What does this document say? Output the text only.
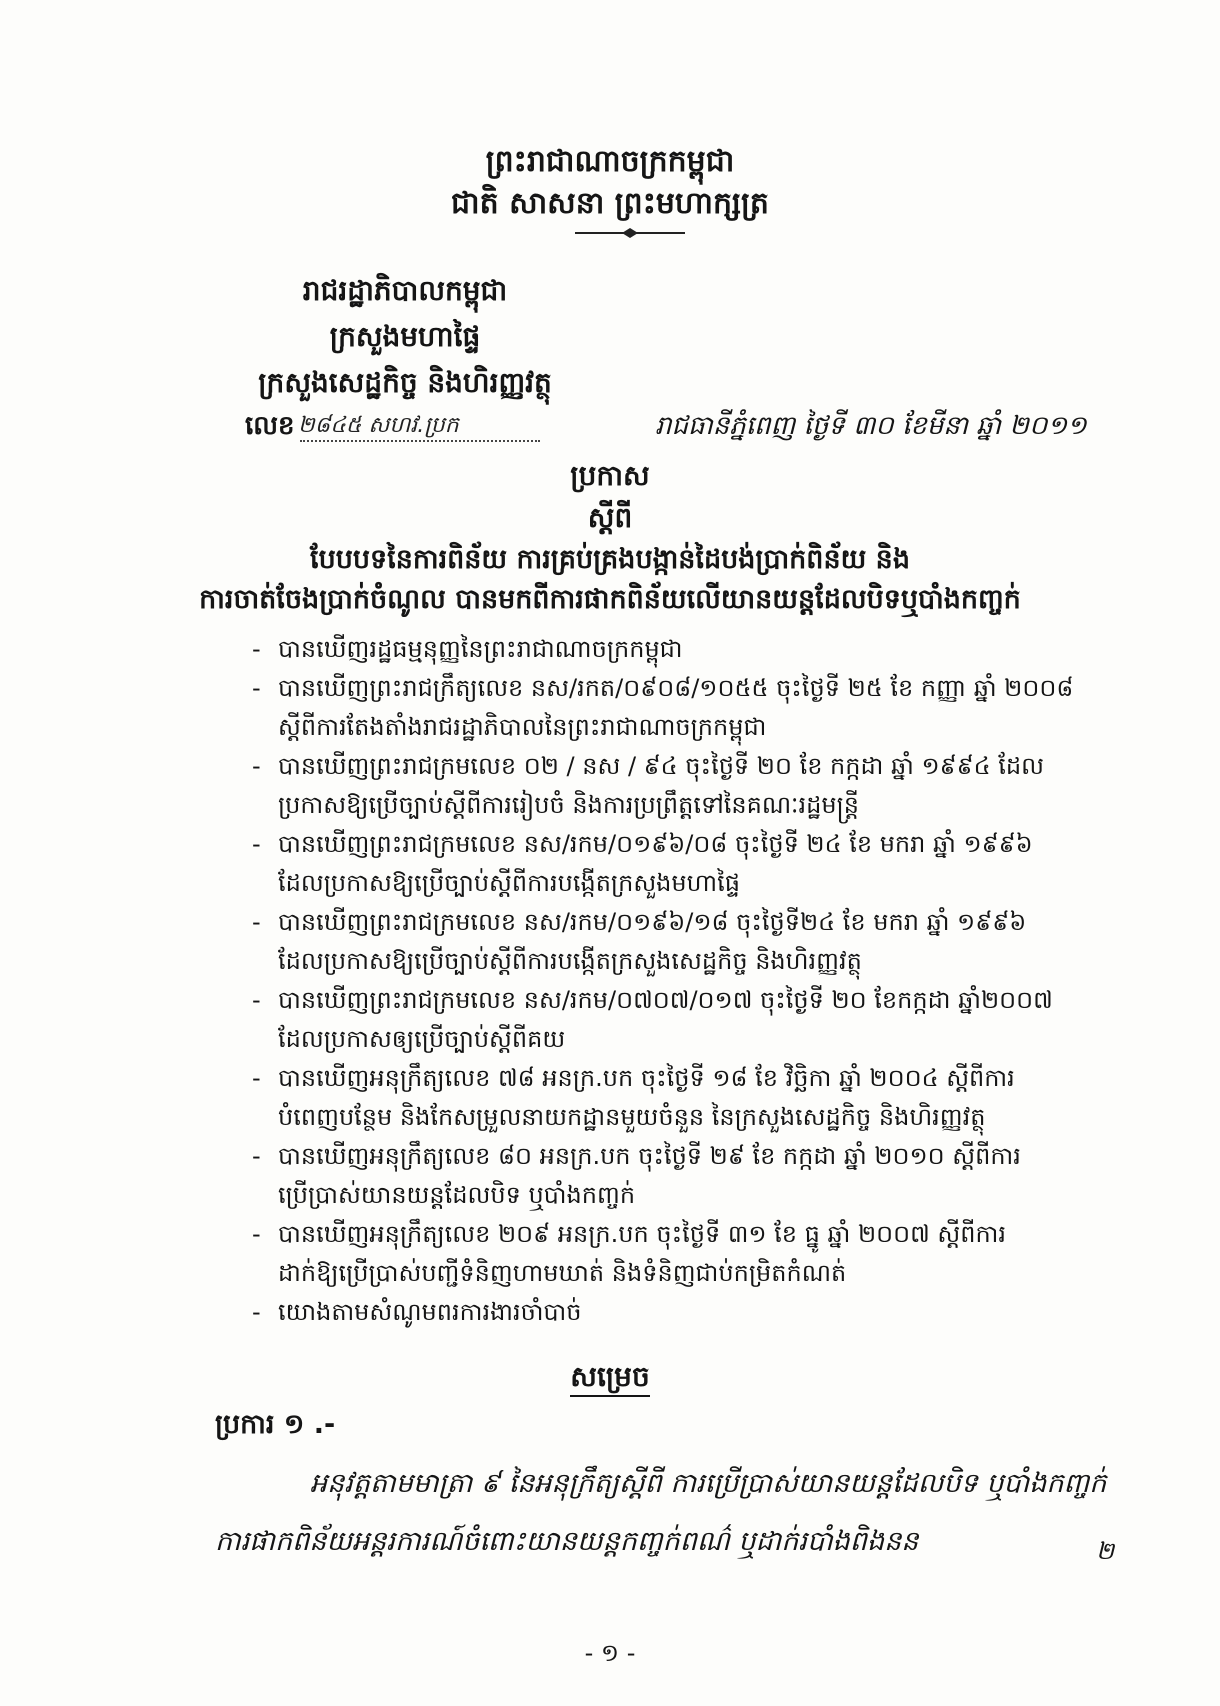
ព្រះរាជាណាចក្រកម្ពុជា
ជាតិ សាសនា ព្រះមហាក្សត្រ
រាជរដ្ឋាភិបាលកម្ពុជា
ក្រសួងមហាផ្ទៃ
ក្រសួងសេដ្ឋកិច្ច និងហិរញ្ញវត្ថុ
លេខ ២៨៤៥ សហវ.ប្រក	រាជធានីភ្នំពេញ ថ្ងៃទី ៣០ ខែមីនា ឆ្នាំ ២០១១
ប្រកាស
ស្តីពី
បែបបទនៃការពិន័យ ការគ្រប់គ្រងបង្កាន់ដៃបង់ប្រាក់ពិន័យ និង
ការចាត់ចែងប្រាក់ចំណូល បានមកពីការផាកពិន័យលើយានយន្តដែលបិទឬបាំងកញ្ចក់
- បានឃើញរដ្ឋធម្មនុញ្ញនៃព្រះរាជាណាចក្រកម្ពុជា
- បានឃើញព្រះរាជក្រឹត្យលេខ នស/រកត/០៩០៨/១០៥៥ ចុះថ្ងៃទី ២៥ ខែ កញ្ញា ឆ្នាំ ២០០៨
ស្តីពីការតែងតាំងរាជរដ្ឋាភិបាលនៃព្រះរាជាណាចក្រកម្ពុជា
- បានឃើញព្រះរាជក្រមលេខ ០២ / នស / ៩៤ ចុះថ្ងៃទី ២០ ខែ កក្កដា ឆ្នាំ ១៩៩៤ ដែល
ប្រកាសឱ្យប្រើច្បាប់ស្តីពីការរៀបចំ និងការប្រព្រឹត្តទៅនៃគណៈរដ្ឋមន្ត្រី
- បានឃើញព្រះរាជក្រមលេខ នស/រកម/០១៩៦/០៨ ចុះថ្ងៃទី ២៤ ខែ មករា ឆ្នាំ ១៩៩៦
ដែលប្រកាសឱ្យប្រើច្បាប់ស្តីពីការបង្កើតក្រសួងមហាផ្ទៃ
- បានឃើញព្រះរាជក្រមលេខ នស/រកម/០១៩៦/១៨ ចុះថ្ងៃទី២៤ ខែ មករា ឆ្នាំ ១៩៩៦
ដែលប្រកាសឱ្យប្រើច្បាប់ស្តីពីការបង្កើតក្រសួងសេដ្ឋកិច្ច និងហិរញ្ញវត្ថុ
- បានឃើញព្រះរាជក្រមលេខ នស/រកម/០៧០៧/០១៧ ចុះថ្ងៃទី ២០ ខែកក្កដា ឆ្នាំ២០០៧
ដែលប្រកាសឲ្យប្រើច្បាប់ស្តីពីគយ
- បានឃើញអនុក្រឹត្យលេខ ៧៨ អនក្រ.បក ចុះថ្ងៃទី ១៨ ខែ វិច្ឆិកា ឆ្នាំ ២០០៤ ស្តីពីការ
បំពេញបន្ថែម និងកែសម្រួលនាយកដ្ឋានមួយចំនួន នៃក្រសួងសេដ្ឋកិច្ច និងហិរញ្ញវត្ថុ
- បានឃើញអនុក្រឹត្យលេខ ៨០ អនក្រ.បក ចុះថ្ងៃទី ២៩ ខែ កក្កដា ឆ្នាំ ២០១០ ស្តីពីការ
ប្រើប្រាស់យានយន្តដែលបិទ ឬបាំងកញ្ចក់
- បានឃើញអនុក្រឹត្យលេខ ២០៩ អនក្រ.បក ចុះថ្ងៃទី ៣១ ខែ ធ្នូ ឆ្នាំ ២០០៧ ស្តីពីការ
ដាក់ឱ្យប្រើប្រាស់បញ្ជីទំនិញហាមឃាត់ និងទំនិញជាប់កម្រិតកំណត់
- យោងតាមសំណូមពរការងារចាំបាច់
សម្រេច
ប្រការ ១ .-
អនុវត្តតាមមាត្រា ៩ នៃអនុក្រឹត្យស្តីពី ការប្រើប្រាស់យានយន្តដែលបិទ ឬបាំងកញ្ចក់ ការផាកពិន័យអន្តរការណ៍ចំពោះយានយន្តកញ្ចក់ពណ៌ ឬដាក់របាំងពិងនន	២
- ១ -
